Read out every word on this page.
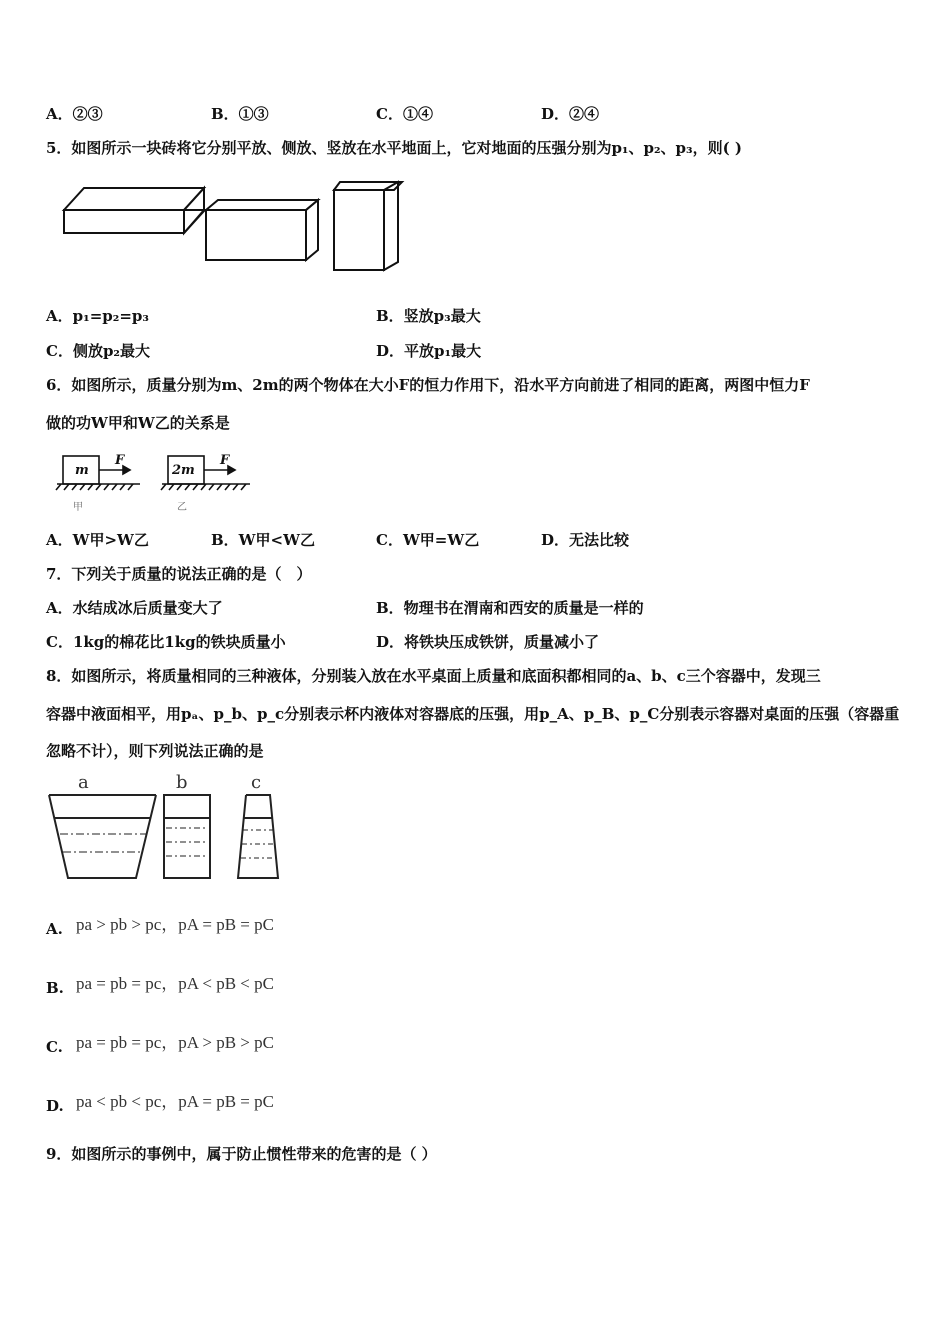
A．②③	B．①③	C．①④	D．②④
5．如图所示一块砖将它分别平放、侧放、竖放在水平地面上，它对地面的压强分别为p₁、p₂、p₃，则( )
A．p₁=p₂=p₃	B．竖放p₃最大
C．侧放p₂最大	D．平放p₁最大
6．如图所示，质量分别为m、2m的两个物体在大小F的恒力作用下，沿水平方向前进了相同的距离，两图中恒力F
做的功W甲和W乙的关系是
m
F
甲
2m
F
乙
A．W甲>W乙	B．W甲<W乙	C．W甲=W乙	D．无法比较
7．下列关于质量的说法正确的是（　）
A．水结成冰后质量变大了	B．物理书在渭南和西安的质量是一样的
C．1kg的棉花比1kg的铁块质量小	D．将铁块压成铁饼，质量减小了
8．如图所示，将质量相同的三种液体，分别装入放在水平桌面上质量和底面积都相同的a、b、c三个容器中，发现三
容器中液面相平，用pₐ、p_b、p_c分别表示杯内液体对容器底的压强，用p_A、p_B、p_C分别表示容器对桌面的压强（容器重
忽略不计），则下列说法正确的是
a	b	c
A. pa > pb > pc，pA = pB = pC
B. pa = pb = pc，pA < pB < pC
C. pa = pb = pc，pA > pB > pC
D. pa < pb < pc，pA = pB = pC
9．如图所示的事例中，属于防止惯性带来的危害的是（ ）
